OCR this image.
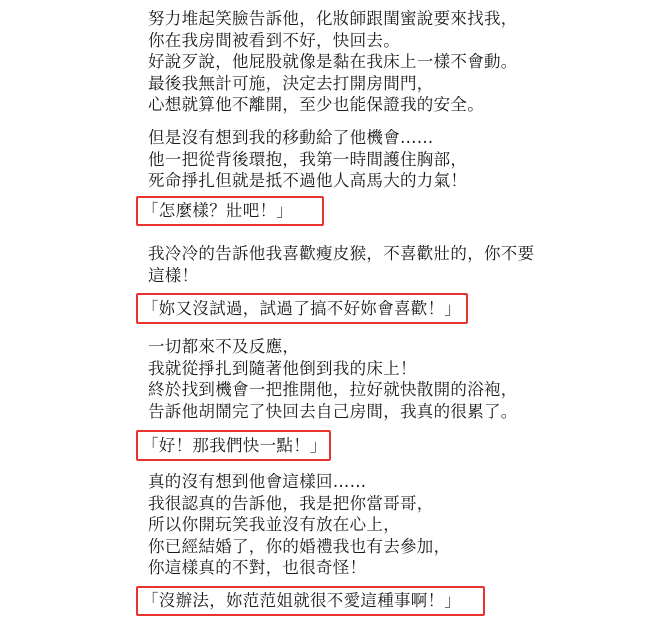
努力堆起笑臉告訴他，化妝師跟閨蜜說要來找我，
你在我房間被看到不好，快回去。
好說歹說，他屁股就像是黏在我床上一樣不會動。
最後我無計可施，決定去打開房間門，
心想就算他不離開，至少也能保證我的安全。
但是沒有想到我的移動給了他機會……
他一把從背後環抱，我第一時間護住胸部，
死命掙扎但就是抵不過他人高馬大的力氣！
「怎麼樣？壯吧！」
我冷冷的告訴他我喜歡瘦皮猴，不喜歡壯的，你不要
這樣！
「妳又沒試過，試過了搞不好妳會喜歡！」
一切都來不及反應，
我就從掙扎到隨著他倒到我的床上！
終於找到機會一把推開他，拉好就快散開的浴袍，
告訴他胡鬧完了快回去自己房間，我真的很累了。
「好！那我們快一點！」
真的沒有想到他會這樣回……
我很認真的告訴他，我是把你當哥哥，
所以你開玩笑我並沒有放在心上，
你已經結婚了，你的婚禮我也有去參加，
你這樣真的不對，也很奇怪！
「沒辦法，妳范范姐就很不愛這種事啊！」
